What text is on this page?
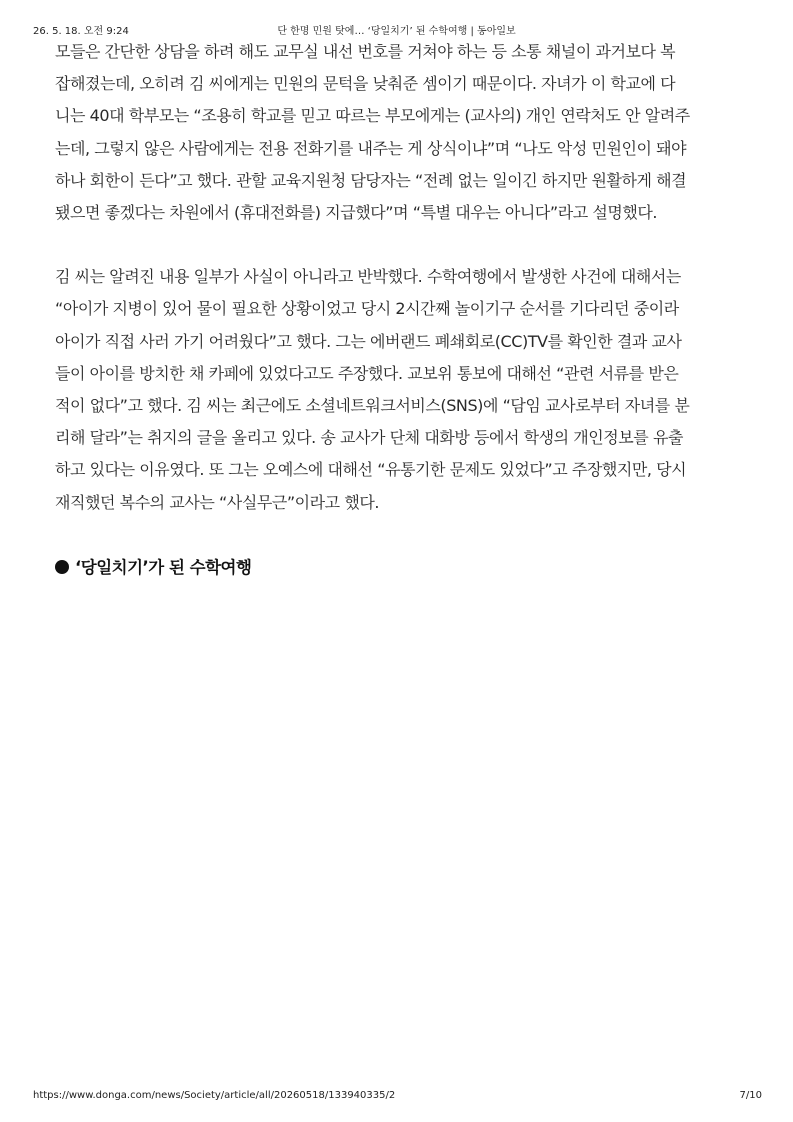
26. 5. 18. 오전 9:24	단 한명 민원 탓에… ‘당일치기’ 된 수학여행 | 동아일보

모들은 간단한 상담을 하려 해도 교무실 내선 번호를 거쳐야 하는 등 소통 채널이 과거보다 복
잡해졌는데, 오히려 김 씨에게는 민원의 문턱을 낮춰준 셈이기 때문이다. 자녀가 이 학교에 다
니는 40대 학부모는 “조용히 학교를 믿고 따르는 부모에게는 (교사의) 개인 연락처도 안 알려주
는데, 그렇지 않은 사람에게는 전용 전화기를 내주는 게 상식이냐”며 “나도 악성 민원인이 돼야
하나 회한이 든다”고 했다. 관할 교육지원청 담당자는 “전례 없는 일이긴 하지만 원활하게 해결
됐으면 좋겠다는 차원에서 (휴대전화를) 지급했다”며 “특별 대우는 아니다”라고 설명했다.

김 씨는 알려진 내용 일부가 사실이 아니라고 반박했다. 수학여행에서 발생한 사건에 대해서는
“아이가 지병이 있어 물이 필요한 상황이었고 당시 2시간째 놀이기구 순서를 기다리던 중이라
아이가 직접 사러 가기 어려웠다”고 했다. 그는 에버랜드 폐쇄회로(CC)TV를 확인한 결과 교사
들이 아이를 방치한 채 카페에 있었다고도 주장했다. 교보위 통보에 대해선 “관련 서류를 받은
적이 없다”고 했다. 김 씨는 최근에도 소셜네트워크서비스(SNS)에 “담임 교사로부터 자녀를 분
리해 달라”는 취지의 글을 올리고 있다. 송 교사가 단체 대화방 등에서 학생의 개인정보를 유출
하고 있다는 이유였다. 또 그는 오예스에 대해선 “유통기한 문제도 있었다”고 주장했지만, 당시
재직했던 복수의 교사는 “사실무근”이라고 했다.

‘당일치기’가 된 수학여행
https://www.donga.com/news/Society/article/all/20260518/133940335/2	7/10
